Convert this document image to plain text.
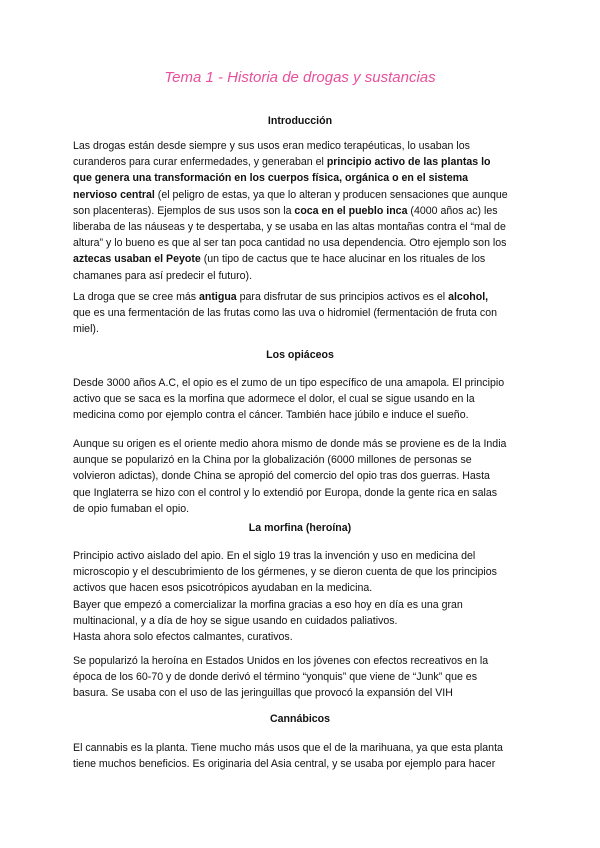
Tema 1 - Historia de drogas y sustancias
Introducción

Las drogas están desde siempre y sus usos eran medico terapéuticas, lo usaban los
curanderos para curar enfermedades, y generaban el principio activo de las plantas lo
que genera una transformación en los cuerpos física, orgánica o en el sistema
nervioso central (el peligro de estas, ya que lo alteran y producen sensaciones que aunque
son placenteras). Ejemplos de sus usos son la coca en el pueblo inca (4000 años ac) les
liberaba de las náuseas y te despertaba, y se usaba en las altas montañas contra el “mal de
altura” y lo bueno es que al ser tan poca cantidad no usa dependencia. Otro ejemplo son los
aztecas usaban el Peyote (un tipo de cactus que te hace alucinar en los rituales de los
chamanes para así predecir el futuro).

La droga que se cree más antigua para disfrutar de sus principios activos es el alcohol,
que es una fermentación de las frutas como las uva o hidromiel (fermentación de fruta con
miel).

Los opiáceos

Desde 3000 años A.C, el opio es el zumo de un tipo específico de una amapola. El principio
activo que se saca es la morfina que adormece el dolor, el cual se sigue usando en la
medicina como por ejemplo contra el cáncer. También hace júbilo e induce el sueño.

Aunque su origen es el oriente medio ahora mismo de donde más se proviene es de la India
aunque se popularizó en la China por la globalización (6000 millones de personas se
volvieron adictas), donde China se apropió del comercio del opio tras dos guerras. Hasta
que Inglaterra se hizo con el control y lo extendió por Europa, donde la gente rica en salas
de opio fumaban el opio.

La morfina (heroína)

Principio activo aislado del apio. En el siglo 19 tras la invención y uso en medicina del
microscopio y el descubrimiento de los gérmenes, y se dieron cuenta de que los principios
activos que hacen esos psicotrópicos ayudaban en la medicina.
Bayer que empezó a comercializar la morfina gracias a eso hoy en día es una gran
multinacional, y a día de hoy se sigue usando en cuidados paliativos.
Hasta ahora solo efectos calmantes, curativos.

Se popularizó la heroína en Estados Unidos en los jóvenes con efectos recreativos en la
época de los 60-70 y de donde derivó el término “yonquis” que viene de “Junk” que es
basura. Se usaba con el uso de las jeringuillas que provocó la expansión del VIH

Cannábicos

El cannabis es la planta. Tiene mucho más usos que el de la marihuana, ya que esta planta
tiene muchos beneficios. Es originaria del Asia central, y se usaba por ejemplo para hacer
